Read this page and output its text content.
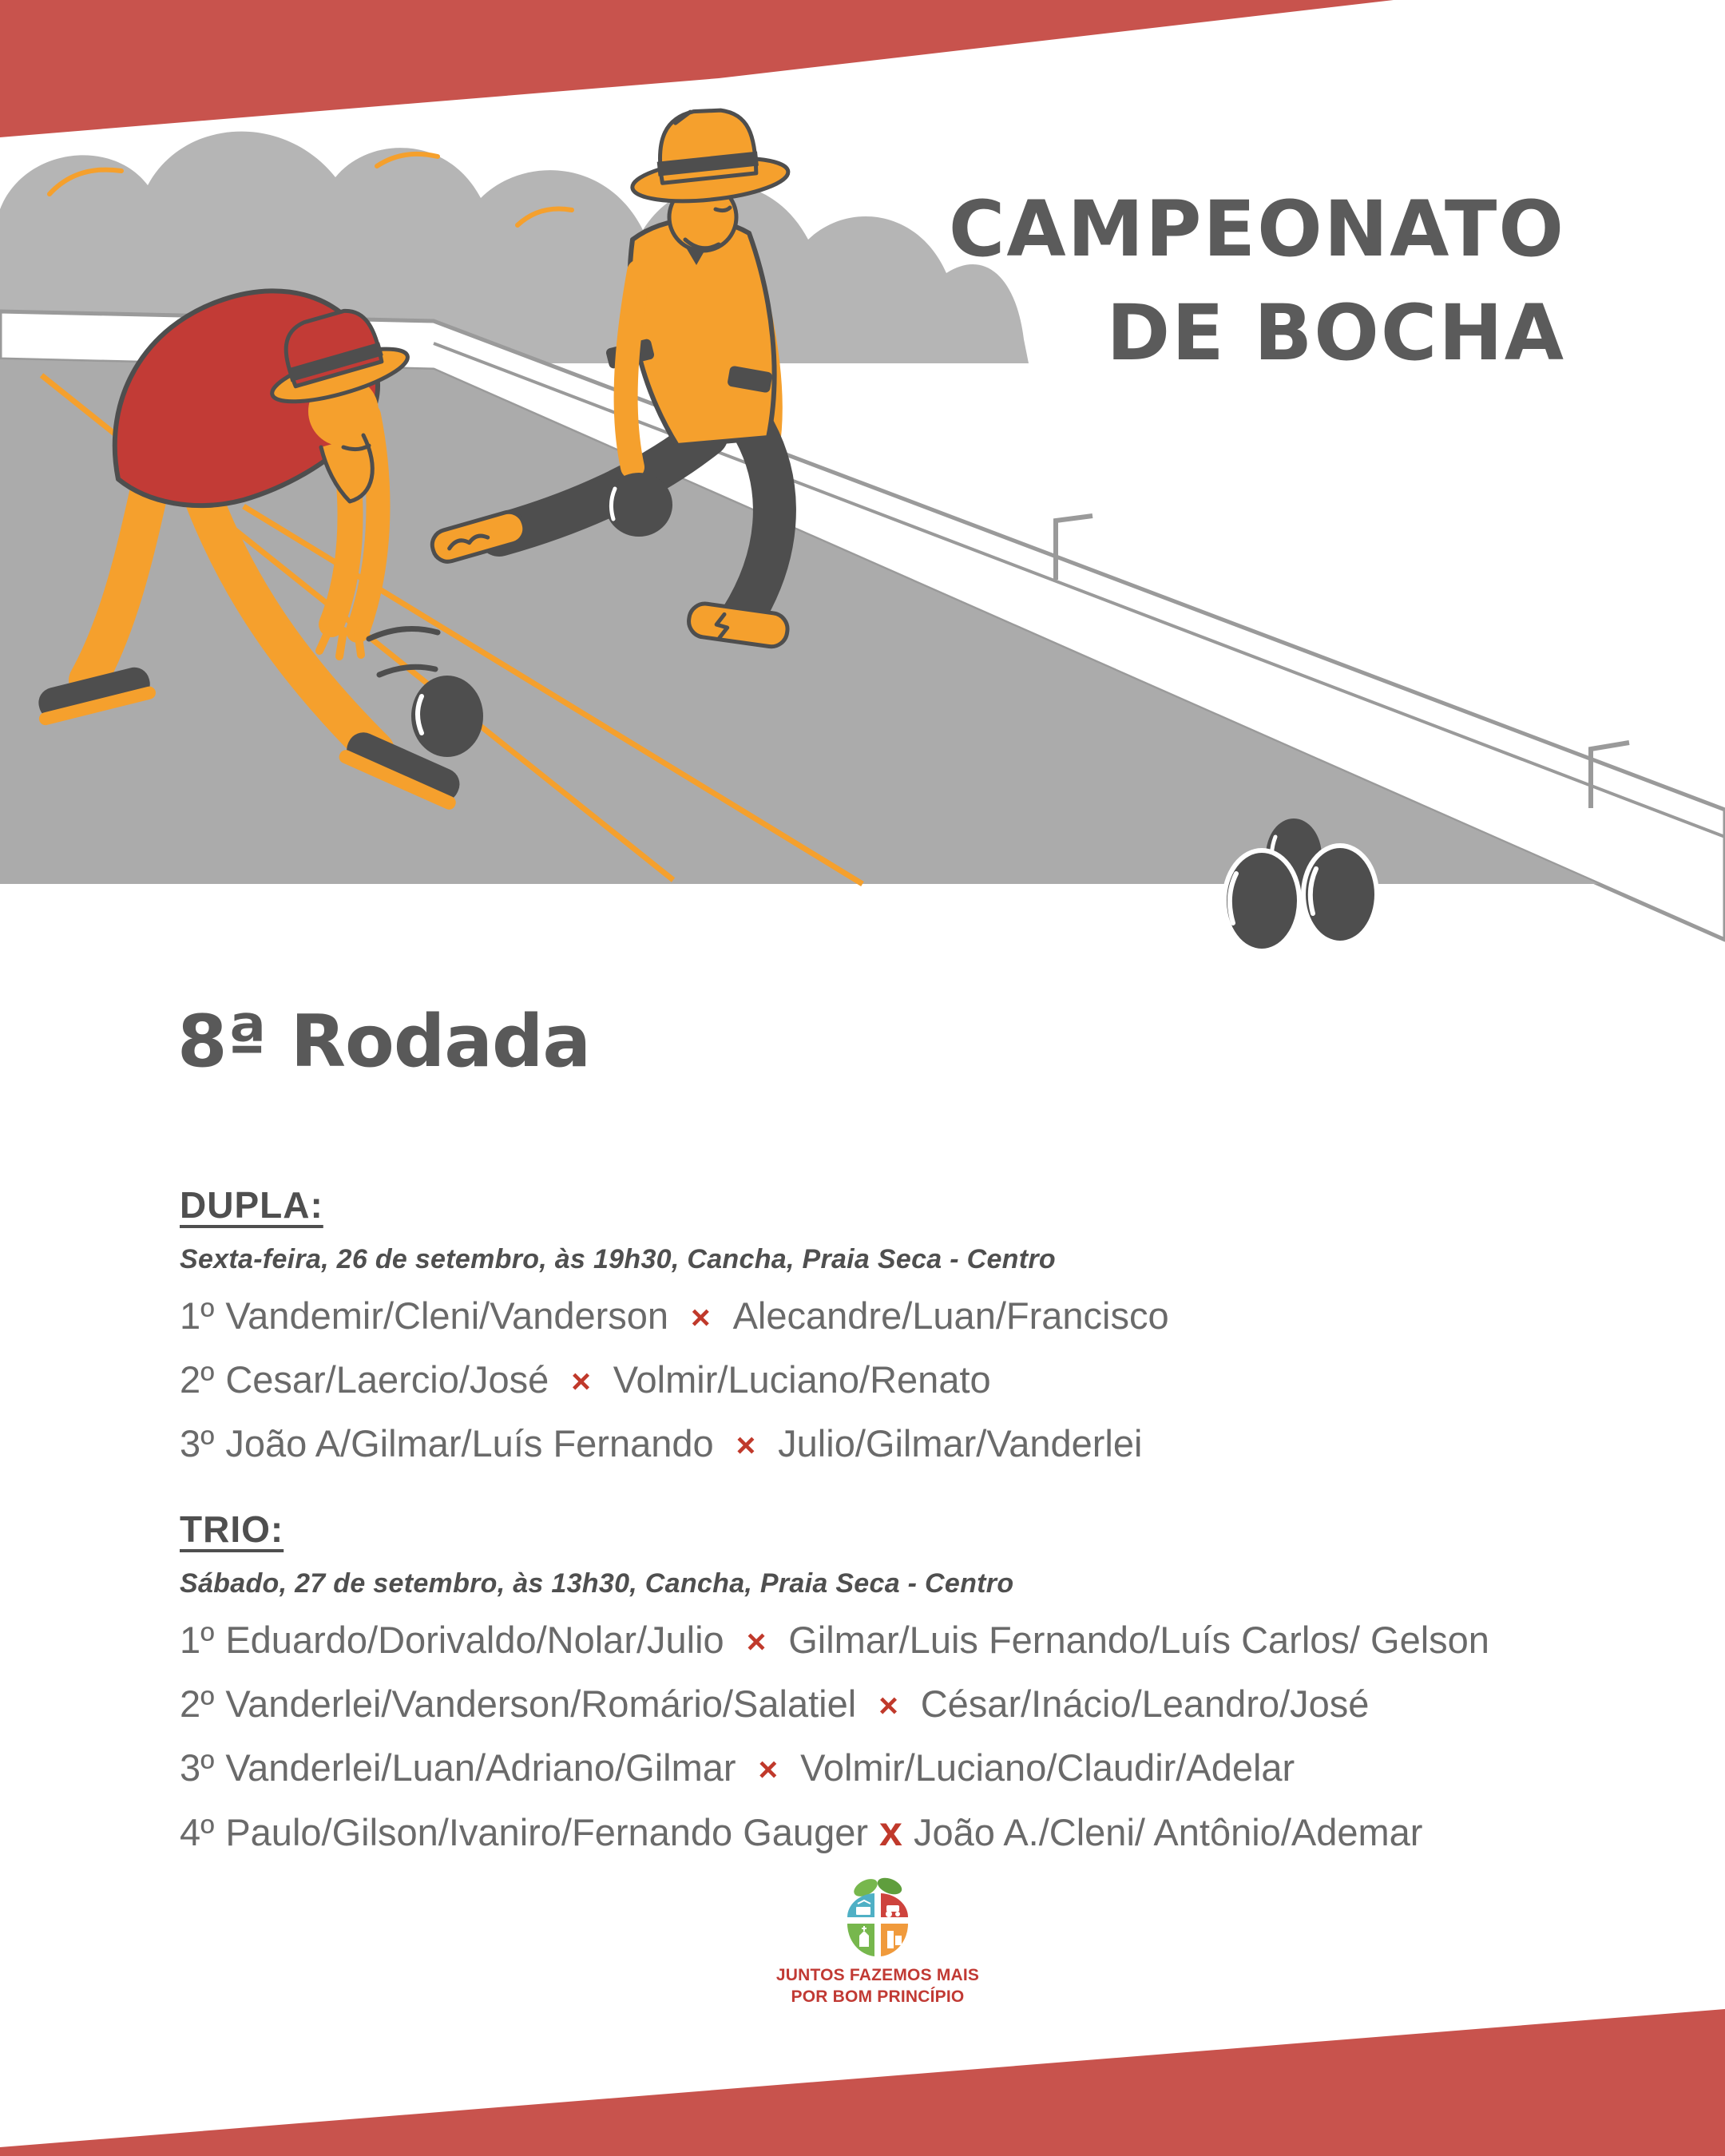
CAMPEONATO
DE BOCHA
8ª Rodada
DUPLA:
Sexta-feira, 26 de setembro, às 19h30, Cancha, Praia Seca - Centro
1º Vandemir/Cleni/Vanderson × Alecandre/Luan/Francisco
2º Cesar/Laercio/José × Volmir/Luciano/Renato
3º João A/Gilmar/Luís Fernando × Julio/Gilmar/Vanderlei
TRIO:
Sábado, 27 de setembro, às 13h30, Cancha, Praia Seca - Centro
1º Eduardo/Dorivaldo/Nolar/Julio × Gilmar/Luis Fernando/Luís Carlos/ Gelson
2º Vanderlei/Vanderson/Romário/Salatiel × César/Inácio/Leandro/José
3º Vanderlei/Luan/Adriano/Gilmar × Volmir/Luciano/Claudir/Adelar
4º Paulo/Gilson/Ivaniro/Fernando Gauger x João A./Cleni/ Antônio/Ademar
JUNTOS FAZEMOS MAIS
POR BOM PRINCÍPIO
